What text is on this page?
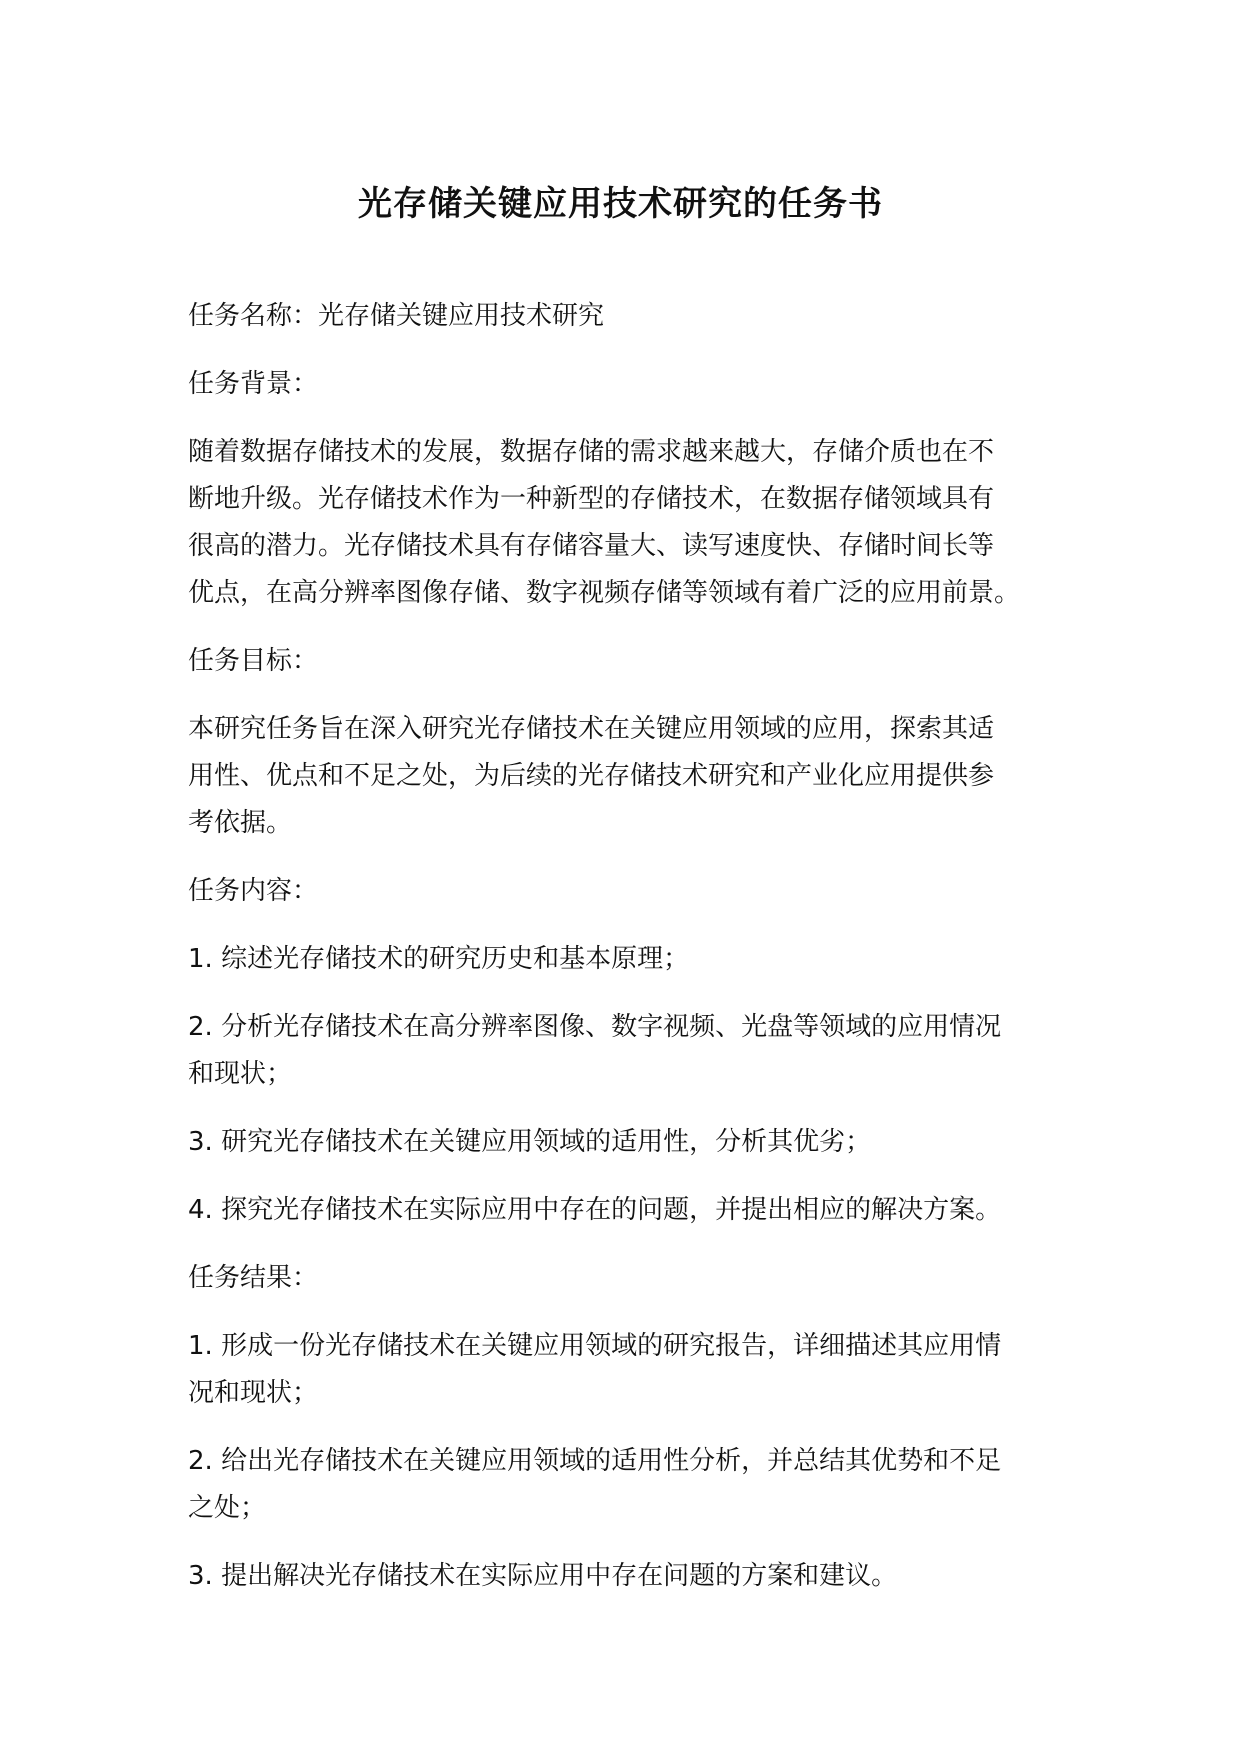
光存储关键应用技术研究的任务书

任务名称：光存储关键应用技术研究

任务背景：

随着数据存储技术的发展，数据存储的需求越来越大，存储介质也在不
断地升级。光存储技术作为一种新型的存储技术，在数据存储领域具有
很高的潜力。光存储技术具有存储容量大、读写速度快、存储时间长等
优点，在高分辨率图像存储、数字视频存储等领域有着广泛的应用前景。

任务目标：

本研究任务旨在深入研究光存储技术在关键应用领域的应用，探索其适
用性、优点和不足之处，为后续的光存储技术研究和产业化应用提供参
考依据。

任务内容：

1. 综述光存储技术的研究历史和基本原理；

2. 分析光存储技术在高分辨率图像、数字视频、光盘等领域的应用情况
和现状；

3. 研究光存储技术在关键应用领域的适用性，分析其优劣；

4. 探究光存储技术在实际应用中存在的问题，并提出相应的解决方案。

任务结果：

1. 形成一份光存储技术在关键应用领域的研究报告，详细描述其应用情
况和现状；

2. 给出光存储技术在关键应用领域的适用性分析，并总结其优势和不足
之处；

3. 提出解决光存储技术在实际应用中存在问题的方案和建议。
